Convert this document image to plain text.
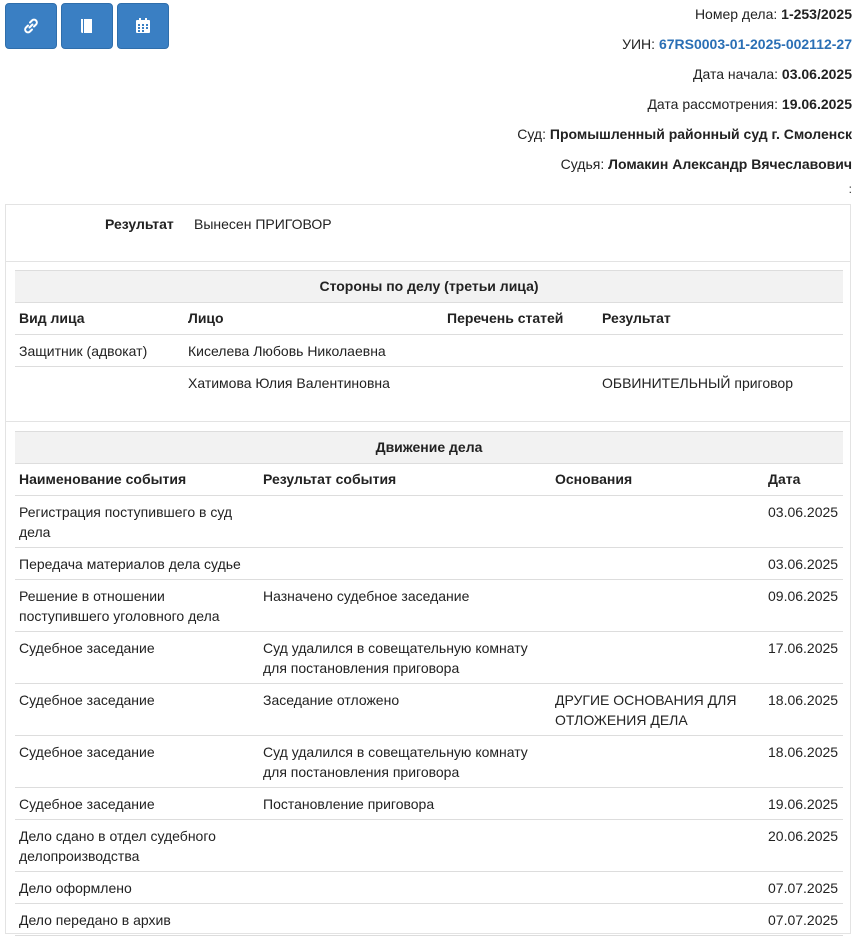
Номер дела: 1-253/2025
УИН: 67RS0003-01-2025-002112-27
Дата начала: 03.06.2025
Дата рассмотрения: 19.06.2025
Суд: Промышленный районный суд г. Смоленск
Судья: Ломакин Александр Вячеславович
:
Результат Вынесен ПРИГОВОР
Стороны по делу (третьи лица)			
Вид лица	Лицо	Перечень статей	Результат
Защитник (адвокат)	Киселева Любовь Николаевна		
	Хатимова Юлия Валентиновна		ОБВИНИТЕЛЬНЫЙ приговор
Движение дела			
Наименование события	Результат события	Основания	Дата
Регистрация поступившего в суд дела			03.06.2025
Передача материалов дела судье			03.06.2025
Решение в отношении поступившего уголовного дела	Назначено судебное заседание		09.06.2025
Судебное заседание	Суд удалился в совещательную комнату для постановления приговора		17.06.2025
Судебное заседание	Заседание отложено	ДРУГИЕ ОСНОВАНИЯ ДЛЯ ОТЛОЖЕНИЯ ДЕЛА	18.06.2025
Судебное заседание	Суд удалился в совещательную комнату для постановления приговора		18.06.2025
Судебное заседание	Постановление приговора		19.06.2025
Дело сдано в отдел судебного делопроизводства			20.06.2025
Дело оформлено			07.07.2025
Дело передано в архив			07.07.2025
